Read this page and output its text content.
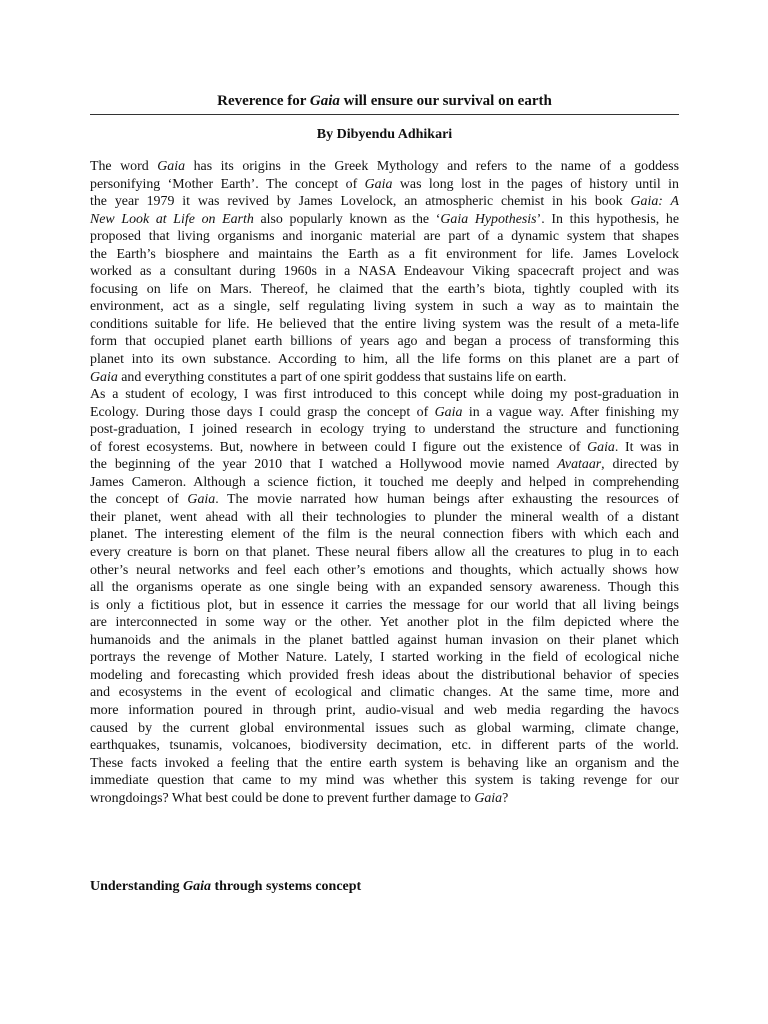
Reverence for Gaia will ensure our survival on earth

By Dibyendu Adhikari

The word Gaia has its origins in the Greek Mythology and refers to the name of a goddess
personifying ‘Mother Earth’. The concept of Gaia was long lost in the pages of history until in
the year 1979 it was revived by James Lovelock, an atmospheric chemist in his book Gaia: A
New Look at Life on Earth also popularly known as the ‘Gaia Hypothesis’. In this hypothesis, he
proposed that living organisms and inorganic material are part of a dynamic system that shapes
the Earth’s biosphere and maintains the Earth as a fit environment for life. James Lovelock
worked as a consultant during 1960s in a NASA Endeavour Viking spacecraft project and was
focusing on life on Mars. Thereof, he claimed that the earth’s biota, tightly coupled with its
environment, act as a single, self regulating living system in such a way as to maintain the
conditions suitable for life. He believed that the entire living system was the result of a meta-life
form that occupied planet earth billions of years ago and began a process of transforming this
planet into its own substance. According to him, all the life forms on this planet are a part of
Gaia and everything constitutes a part of one spirit goddess that sustains life on earth.

As a student of ecology, I was first introduced to this concept while doing my post-graduation in
Ecology. During those days I could grasp the concept of Gaia in a vague way. After finishing my
post-graduation, I joined research in ecology trying to understand the structure and functioning
of forest ecosystems. But, nowhere in between could I figure out the existence of Gaia. It was in
the beginning of the year 2010 that I watched a Hollywood movie named Avataar, directed by
James Cameron. Although a science fiction, it touched me deeply and helped in comprehending
the concept of Gaia. The movie narrated how human beings after exhausting the resources of
their planet, went ahead with all their technologies to plunder the mineral wealth of a distant
planet. The interesting element of the film is the neural connection fibers with which each and
every creature is born on that planet. These neural fibers allow all the creatures to plug in to each
other’s neural networks and feel each other’s emotions and thoughts, which actually shows how
all the organisms operate as one single being with an expanded sensory awareness. Though this
is only a fictitious plot, but in essence it carries the message for our world that all living beings
are interconnected in some way or the other. Yet another plot in the film depicted where the
humanoids and the animals in the planet battled against human invasion on their planet which
portrays the revenge of Mother Nature. Lately, I started working in the field of ecological niche
modeling and forecasting which provided fresh ideas about the distributional behavior of species
and ecosystems in the event of ecological and climatic changes. At the same time, more and
more information poured in through print, audio-visual and web media regarding the havocs
caused by the current global environmental issues such as global warming, climate change,
earthquakes, tsunamis, volcanoes, biodiversity decimation, etc. in different parts of the world.
These facts invoked a feeling that the entire earth system is behaving like an organism and the
immediate question that came to my mind was whether this system is taking revenge for our
wrongdoings? What best could be done to prevent further damage to Gaia?

Understanding Gaia through systems concept
